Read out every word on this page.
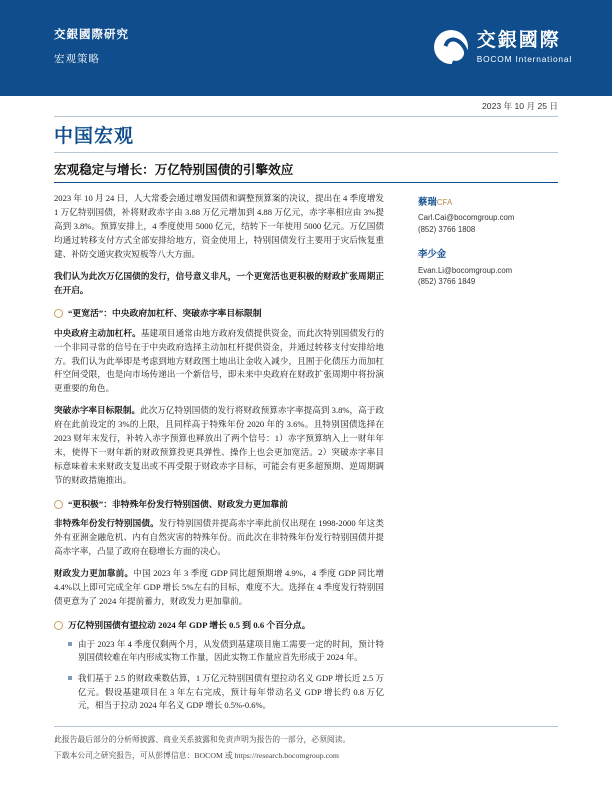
交銀國際研究
宏观策略
交銀國際
BOCOM International
2023 年 10 月 25 日
中国宏观
宏观稳定与增长：万亿特别国债的引擎效应

2023 年 10 月 24 日，人大常委会通过增发国债和调整预算案的决议，提出在 4 季度增发 1 万亿特别国债，补将财政赤字由 3.88 万亿元增加到 4.88 万亿元，赤字率相应由 3%提高到 3.8%。预算安排上，4 季度使用 5000 亿元，结转下一年使用 5000 亿元。万亿国债均通过转移支付方式全部安排给地方，资金使用上，特别国债发行主要用于灾后恢复重建、补防交通灾救灾短板等八大方面。

我们认为此次万亿国债的发行，信号意义非凡，一个更宽活也更积极的财政扩张周期正在开启。

“更宽活”：中央政府加杠杆、突破赤字率目标限制

中央政府主动加杠杆。基建项目通常由地方政府发债提供资金，而此次特别国债发行的一个非同寻常的信号在于中央政府选择主动加杠杆提供资金，并通过转移支付安排给地方。我们认为此举即是考虑到地方财政图土地出让金收入减少，且囿于化债压力而加杠杆空间受限，也是向市场传递出一个新信号，即未来中央政府在财政扩张周期中将扮演更重要的角色。

突破赤字率目标限制。此次万亿特别国债的发行将财政预算赤字率提高到 3.8%，高于政府在此前设定的 3%的上限，且同样高于特殊年份 2020 年的 3.6%。且特别国债选择在 2023 财年末发行，补转入赤字预算也释放出了两个信号：1）赤字预算纳入上一财年年末，使得下一财年新的财政预算投更具弹性、操作上也会更加宽活。2）突破赤字率目标意味着未来财政支复出或不再受限于财政赤字目标，可能会有更多超预期、逆周期调节的财政措施推出。

“更积极”：非特殊年份发行特别国债、财政发力更加靠前

非特殊年份发行特别国债。发行特别国债并提高赤字率此前仅出现在 1998-2000 年这类外有亚洲金融危机、内有自然灾害的特殊年份。而此次在非特殊年份发行特别国债并提高赤字率，凸显了政府在稳增长方面的决心。

财政发力更加靠前。中国 2023 年 3 季度 GDP 同比超预期增 4.9%，4 季度 GDP 同比增 4.4%以上即可完成全年 GDP 增长 5%左右的目标，难度不大。选择在 4 季度发行特别国债更意为了 2024 年提前蓄力，财政发力更加靠前。

万亿特别国债有望拉动 2024 年 GDP 增长 0.5 到 0.6 个百分点。
由于 2023 年 4 季度仅剩两个月，从发债到基建项目施工需要一定的时间，预计特别国债较难在年内形成实物工作量，因此实物工作量应首先形成于 2024 年。
我们基于 2.5 的财政乘数估算，1 万亿元特别国债有望拉动名义 GDP 增长近 2.5 万亿元。假设基建项目在 3 年左右完成，预计每年带动名义 GDP 增长约 0.8 万亿元，相当于拉动 2024 年名义 GDP 增长 0.5%-0.6%。
蔡瑞CFA
Carl.Cai@bocomgroup.com
(852) 3766 1808
李少金
Evan.Li@bocomgroup.com
(852) 3766 1849
此报告最后部分的分析师披露、商业关系披露和免责声明为报告的一部分，必须阅读。
下载本公司之研究报告，可从彭博信息：BOCOM 或 https://research.bocomgroup.com
